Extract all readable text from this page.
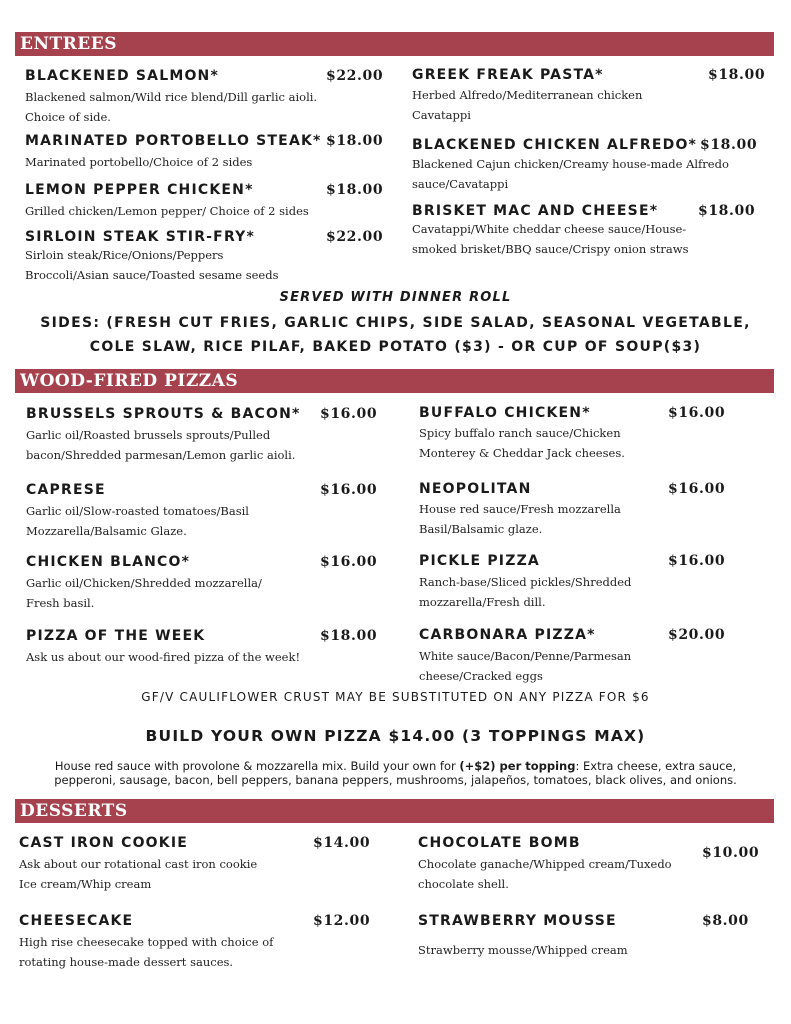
ENTREES
BLACKENED SALMON*	$22.00
Blackened salmon/Wild rice blend/Dill garlic aioli.
Choice of side.
MARINATED PORTOBELLO STEAK* $18.00
Marinated portobello/Choice of 2 sides
LEMON PEPPER CHICKEN*	$18.00
Grilled chicken/Lemon pepper/ Choice of 2 sides
SIRLOIN STEAK STIR-FRY*	$22.00
Sirloin steak/Rice/Onions/Peppers
Broccoli/Asian sauce/Toasted sesame seeds
GREEK FREAK PASTA*	$18.00
Herbed Alfredo/Mediterranean chicken
Cavatappi
BLACKENED CHICKEN ALFREDO* $18.00
Blackened Cajun chicken/Creamy house-made Alfredo
sauce/Cavatappi
BRISKET MAC AND CHEESE*	$18.00
Cavatappi/White cheddar cheese sauce/House-
smoked brisket/BBQ sauce/Crispy onion straws
SERVED WITH DINNER ROLL
SIDES: (FRESH CUT FRIES, GARLIC CHIPS, SIDE SALAD, SEASONAL VEGETABLE,
COLE SLAW, RICE PILAF, BAKED POTATO ($3) - OR CUP OF SOUP($3)
WOOD-FIRED PIZZAS
BRUSSELS SPROUTS & BACON* $16.00
Garlic oil/Roasted brussels sprouts/Pulled
bacon/Shredded parmesan/Lemon garlic aioli.
CAPRESE	$16.00
Garlic oil/Slow-roasted tomatoes/Basil
Mozzarella/Balsamic Glaze.
CHICKEN BLANCO*	$16.00
Garlic oil/Chicken/Shredded mozzarella/
Fresh basil.
PIZZA OF THE WEEK	$18.00
Ask us about our wood-fired pizza of the week!
BUFFALO CHICKEN*	$16.00
Spicy buffalo ranch sauce/Chicken
Monterey & Cheddar Jack cheeses.
NEOPOLITAN	$16.00
House red sauce/Fresh mozzarella
Basil/Balsamic glaze.
PICKLE PIZZA	$16.00
Ranch-base/Sliced pickles/Shredded
mozzarella/Fresh dill.
CARBONARA PIZZA*	$20.00
White sauce/Bacon/Penne/Parmesan
cheese/Cracked eggs
GF/V CAULIFLOWER CRUST MAY BE SUBSTITUTED ON ANY PIZZA FOR $6
BUILD YOUR OWN PIZZA $14.00 (3 TOPPINGS MAX)
House red sauce with provolone & mozzarella mix. Build your own for (+$2) per topping: Extra cheese, extra sauce,
pepperoni, sausage, bacon, bell peppers, banana peppers, mushrooms, jalapeños, tomatoes, black olives, and onions.
DESSERTS
CAST IRON COOKIE	$14.00
Ask about our rotational cast iron cookie
Ice cream/Whip cream
CHEESECAKE	$12.00
High rise cheesecake topped with choice of
rotating house-made dessert sauces.
CHOCOLATE BOMB
$10.00
Chocolate ganache/Whipped cream/Tuxedo
chocolate shell.
STRAWBERRY MOUSSE	$8.00
Strawberry mousse/Whipped cream
